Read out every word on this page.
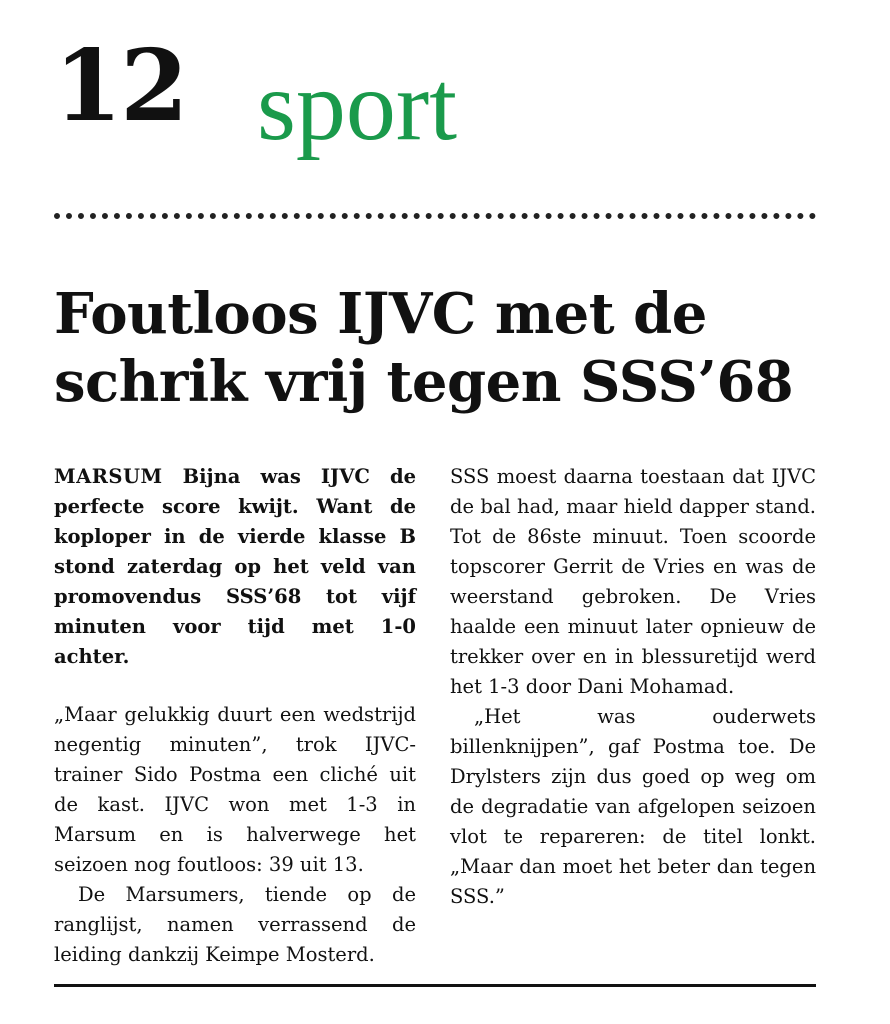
12 sport
Foutloos IJVC met de schrik vrij tegen SSS’68

MARSUM Bijna was IJVC de perfecte score kwijt. Want de koploper in de vierde klasse B stond zaterdag op het veld van promovendus SSS’68 tot vijf minuten voor tijd met 1-0 achter.

„Maar gelukkig duurt een wedstrijd negentig minuten”, trok IJVC-trainer Sido Postma een cliché uit de kast. IJVC won met 1-3 in Marsum en is halverwege het seizoen nog foutloos: 39 uit 13.

De Marsumers, tiende op de ranglijst, namen verrassend de leiding dankzij Keimpe Mosterd.

SSS moest daarna toestaan dat IJVC de bal had, maar hield dapper stand. Tot de 86ste minuut. Toen scoorde topscorer Gerrit de Vries en was de weerstand gebroken. De Vries haalde een minuut later opnieuw de trekker over en in blessuretijd werd het 1-3 door Dani Mohamad.

„Het was ouderwets billenknijpen”, gaf Postma toe. De Drylsters zijn dus goed op weg om de degradatie van afgelopen seizoen vlot te repareren: de titel lonkt. „Maar dan moet het beter dan tegen SSS.”
